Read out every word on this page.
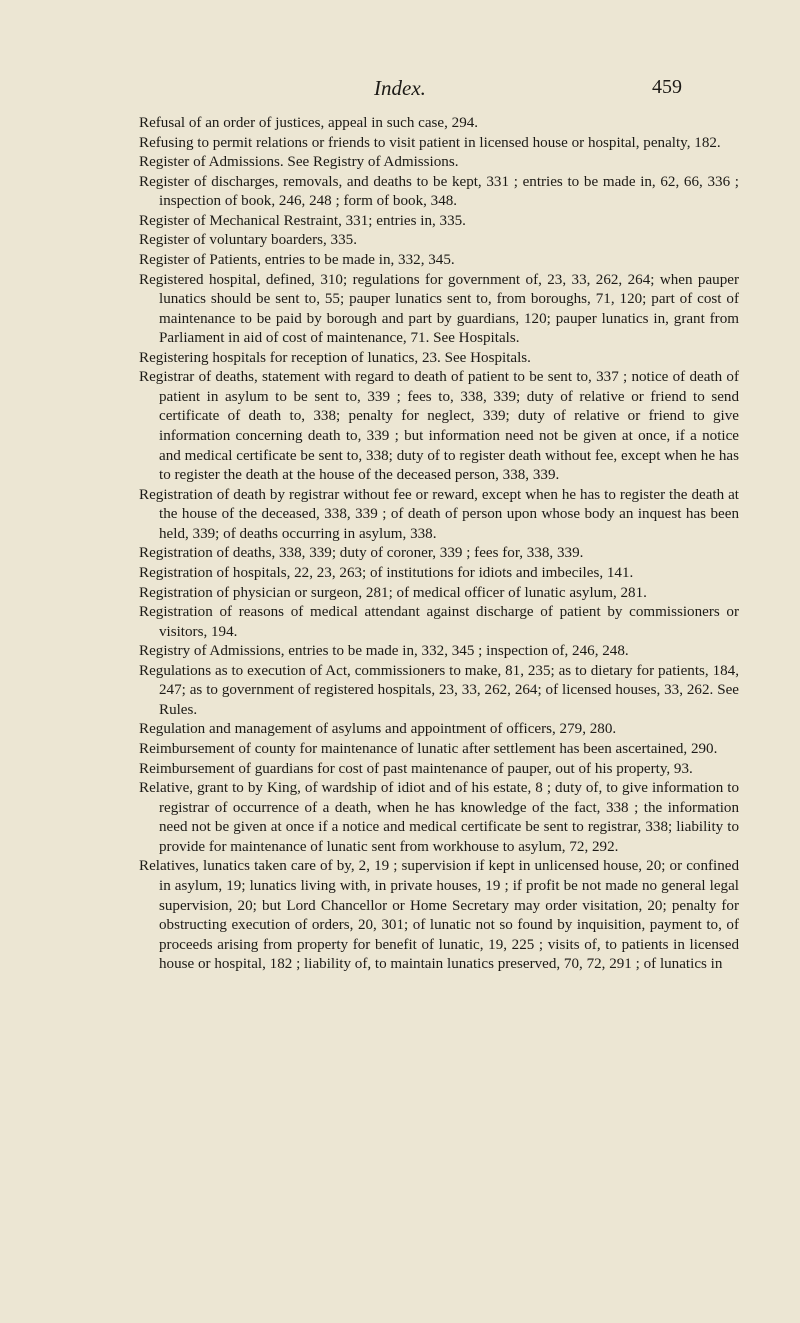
Index.	459

Refusal of an order of justices, appeal in such case, 294.

Refusing to permit relations or friends to visit patient in licensed house or hospital, penalty, 182.

Register of Admissions. See Registry of Admissions.

Register of discharges, removals, and deaths to be kept, 331 ; entries to be made in, 62, 66, 336 ; inspection of book, 246, 248 ; form of book, 348.

Register of Mechanical Restraint, 331; entries in, 335.

Register of voluntary boarders, 335.

Register of Patients, entries to be made in, 332, 345.

Registered hospital, defined, 310; regulations for government of, 23, 33, 262, 264; when pauper lunatics should be sent to, 55; pauper lunatics sent to, from boroughs, 71, 120; part of cost of maintenance to be paid by borough and part by guardians, 120; pauper lunatics in, grant from Parliament in aid of cost of maintenance, 71. See Hospitals.

Registering hospitals for reception of lunatics, 23. See Hospitals.

Registrar of deaths, statement with regard to death of patient to be sent to, 337 ; notice of death of patient in asylum to be sent to, 339 ; fees to, 338, 339; duty of relative or friend to send certificate of death to, 338; penalty for neglect, 339; duty of relative or friend to give information concerning death to, 339 ; but information need not be given at once, if a notice and medical certificate be sent to, 338; duty of to register death without fee, except when he has to register the death at the house of the deceased person, 338, 339.

Registration of death by registrar without fee or reward, except when he has to register the death at the house of the deceased, 338, 339 ; of death of person upon whose body an inquest has been held, 339; of deaths occurring in asylum, 338.

Registration of deaths, 338, 339; duty of coroner, 339 ; fees for, 338, 339.

Registration of hospitals, 22, 23, 263; of institutions for idiots and imbeciles, 141.

Registration of physician or surgeon, 281; of medical officer of lunatic asylum, 281.

Registration of reasons of medical attendant against discharge of patient by commissioners or visitors, 194.

Registry of Admissions, entries to be made in, 332, 345 ; inspection of, 246, 248.

Regulations as to execution of Act, commissioners to make, 81, 235; as to dietary for patients, 184, 247; as to government of registered hospitals, 23, 33, 262, 264; of licensed houses, 33, 262. See Rules.

Regulation and management of asylums and appointment of officers, 279, 280.

Reimbursement of county for maintenance of lunatic after settlement has been ascertained, 290.

Reimbursement of guardians for cost of past maintenance of pauper, out of his property, 93.

Relative, grant to by King, of wardship of idiot and of his estate, 8 ; duty of, to give information to registrar of occurrence of a death, when he has knowledge of the fact, 338 ; the information need not be given at once if a notice and medical certificate be sent to registrar, 338; liability to provide for maintenance of lunatic sent from workhouse to asylum, 72, 292.

Relatives, lunatics taken care of by, 2, 19 ; supervision if kept in unlicensed house, 20; or confined in asylum, 19; lunatics living with, in private houses, 19 ; if profit be not made no general legal supervision, 20; but Lord Chancellor or Home Secretary may order visitation, 20; penalty for obstructing execution of orders, 20, 301; of lunatic not so found by inquisition, payment to, of proceeds arising from property for benefit of lunatic, 19, 225 ; visits of, to patients in licensed house or hospital, 182 ; liability of, to maintain lunatics preserved, 70, 72, 291 ; of lunatics in
